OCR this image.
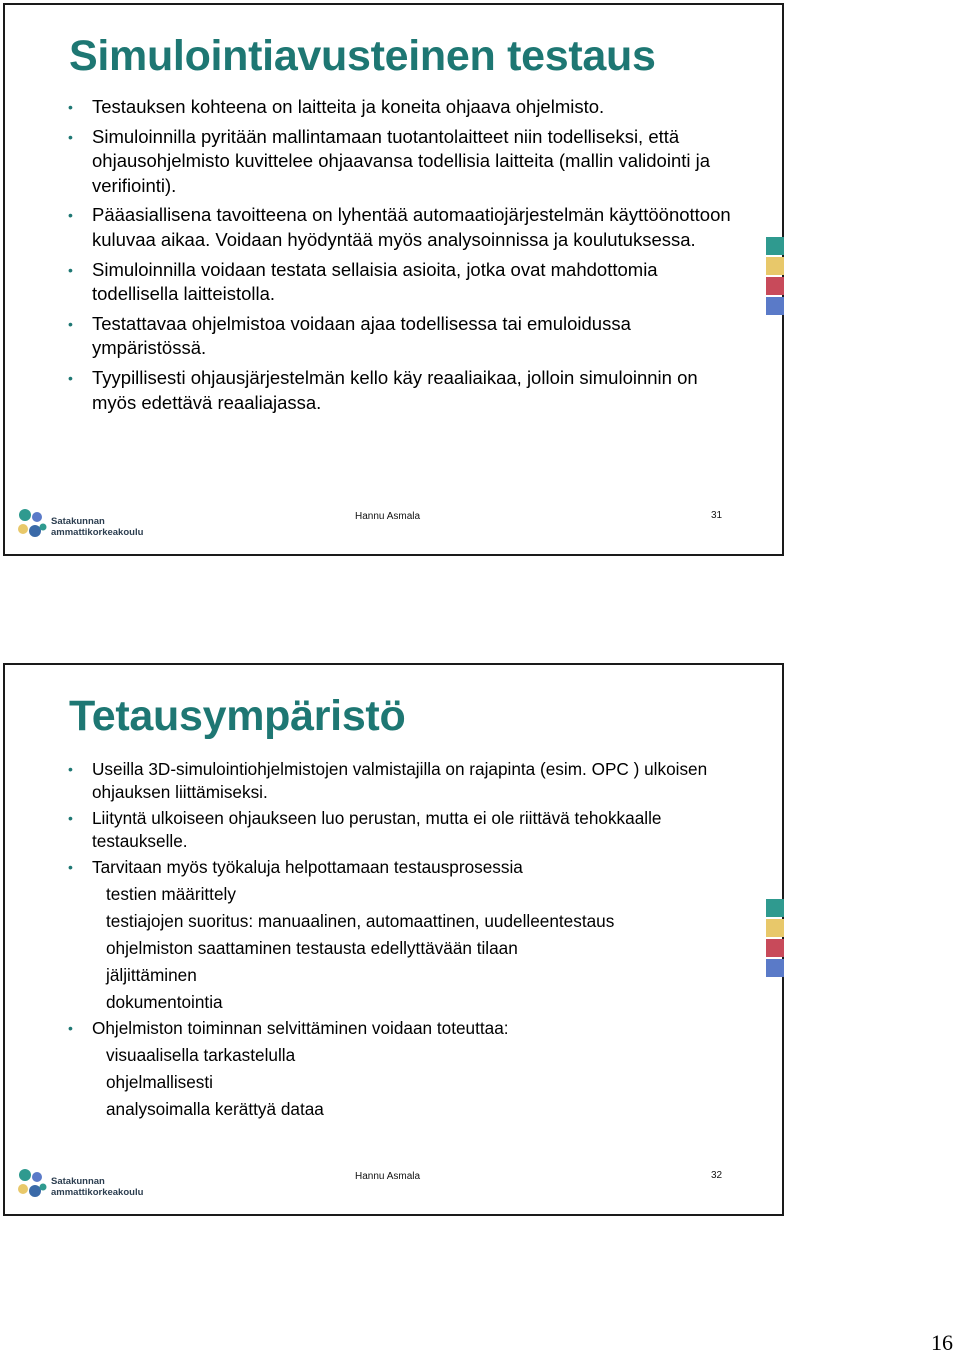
Simulointiavusteinen testaus
• Testauksen kohteena on laitteita ja koneita ohjaava ohjelmisto.
• Simuloinnilla pyritään mallintamaan tuotantolaitteet niin todelliseksi, että ohjausohjelmisto kuvittelee ohjaavansa todellisia laitteita (mallin validointi ja verifiointi).
• Pääasiallisena tavoitteena on lyhentää automaatiojärjestelmän käyttöönottoon kuluvaa aikaa. Voidaan hyödyntää myös analysoinnissa ja koulutuksessa.
• Simuloinnilla voidaan testata sellaisia asioita, jotka ovat mahdottomia todellisella laitteistolla.
• Testattavaa ohjelmistoa voidaan ajaa todellisessa tai emuloidussa ympäristössä.
• Tyypillisesti ohjausjärjestelmän kello käy reaaliaikaa, jolloin simuloinnin on myös edettävä reaaliajassa.
Satakunnan
ammattikorkeakoulu
Hannu Asmala	31
Tetausympäristö
• Useilla 3D-simulointiohjelmistojen valmistajilla on rajapinta (esim. OPC ) ulkoisen ohjauksen liittämiseksi.
• Liityntä ulkoiseen ohjaukseen luo perustan, mutta ei ole riittävä tehokkaalle testaukselle.
• Tarvitaan myös työkaluja helpottamaan testausprosessia
testien määrittely
testiajojen suoritus: manuaalinen, automaattinen, uudelleentestaus
ohjelmiston saattaminen testausta edellyttävään tilaan
jäljittäminen
dokumentointia
• Ohjelmiston toiminnan selvittäminen voidaan toteuttaa:
visuaalisella tarkastelulla
ohjelmallisesti
analysoimalla kerättyä dataa
Satakunnan
ammattikorkeakoulu
Hannu Asmala	32
16
